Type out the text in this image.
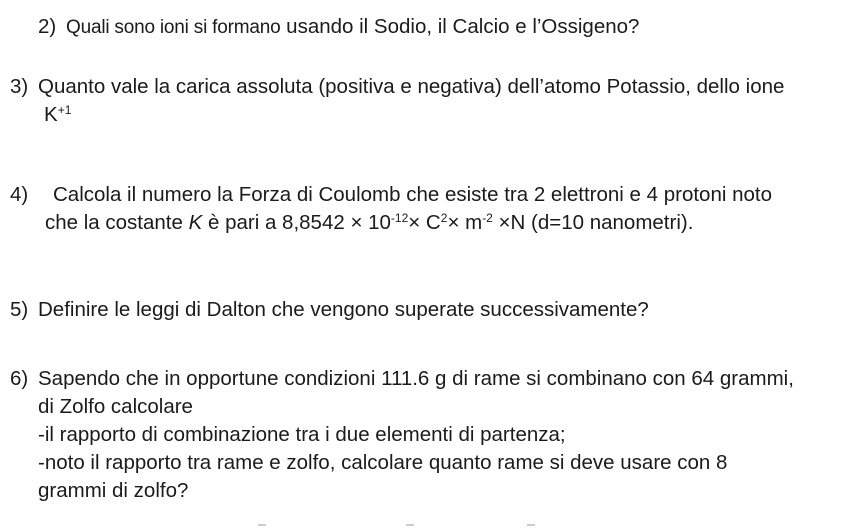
2) Quali sono ioni si formano usando il Sodio, il Calcio e l’Ossigeno?
3) Quanto vale la carica assoluta (positiva e negativa) dell’atomo Potassio, dello ione
$K^{+1}$
4)	Calcola il numero la Forza di Coulomb che esiste tra 2 elettroni e 4 protoni noto
che la costante K è pari a $8,8542 \times 10^{-12}\times C^2\times m^{-2} \times N$ (d=10 nanometri).
5) Definire le leggi di Dalton che vengono superate successivamente?
6) Sapendo che in opportune condizioni 111.6 g di rame si combinano con 64 grammi,
di Zolfo calcolare
-il rapporto di combinazione tra i due elementi di partenza;
-noto il rapporto tra rame e zolfo, calcolare quanto rame si deve usare con 8
grammi di zolfo?
